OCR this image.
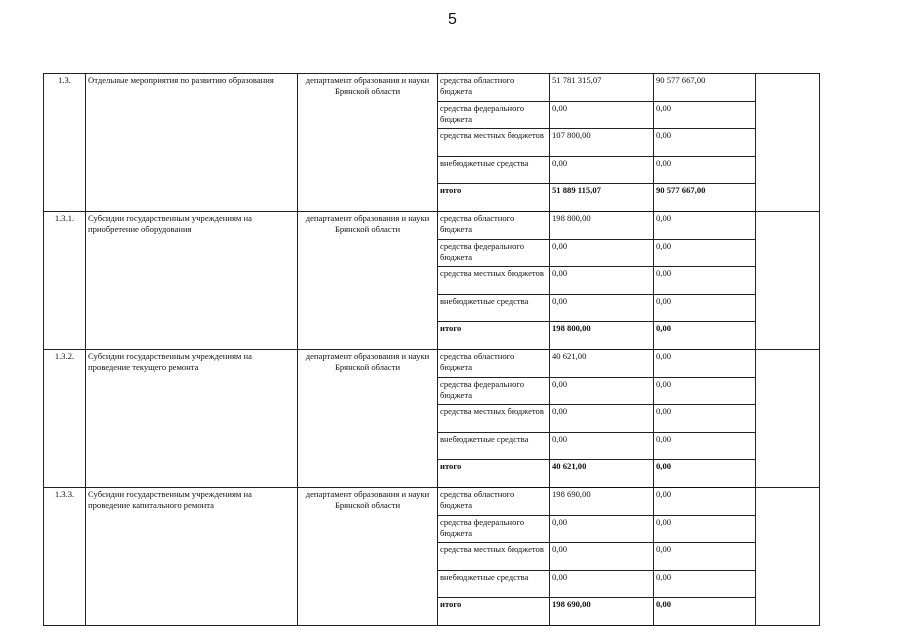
5
1.3.	Отдельные мероприятия по развитию образования	департамент образования и науки Брянской области	средства областного бюджета	51 781 315,07	90 577 667,00	
			средства федерального бюджета	0,00	0,00	
			средства местных бюджетов	107 800,00	0,00	
			внебюджетные средства	0,00	0,00	
			итого	51 889 115,07	90 577 667,00	
1.3.1.	Субсидии государственным учреждениям на приобретение оборудования	департамент образования и науки Брянской области	средства областного бюджета	198 800,00	0,00	
			средства федерального бюджета	0,00	0,00	
			средства местных бюджетов	0,00	0,00	
			внебюджетные средства	0,00	0,00	
			итого	198 800,00	0,00	
1.3.2.	Субсидии государственным учреждениям на проведение текущего ремонта	департамент образования и науки Брянской области	средства областного бюджета	40 621,00	0,00	
			средства федерального бюджета	0,00	0,00	
			средства местных бюджетов	0,00	0,00	
			внебюджетные средства	0,00	0,00	
			итого	40 621,00	0,00	
1.3.3.	Субсидии государственным учреждениям на проведение капитального ремонта	департамент образования и науки Брянской области	средства областного бюджета	198 690,00	0,00	
			средства федерального бюджета	0,00	0,00	
			средства местных бюджетов	0,00	0,00	
			внебюджетные средства	0,00	0,00	
			итого	198 690,00	0,00	
